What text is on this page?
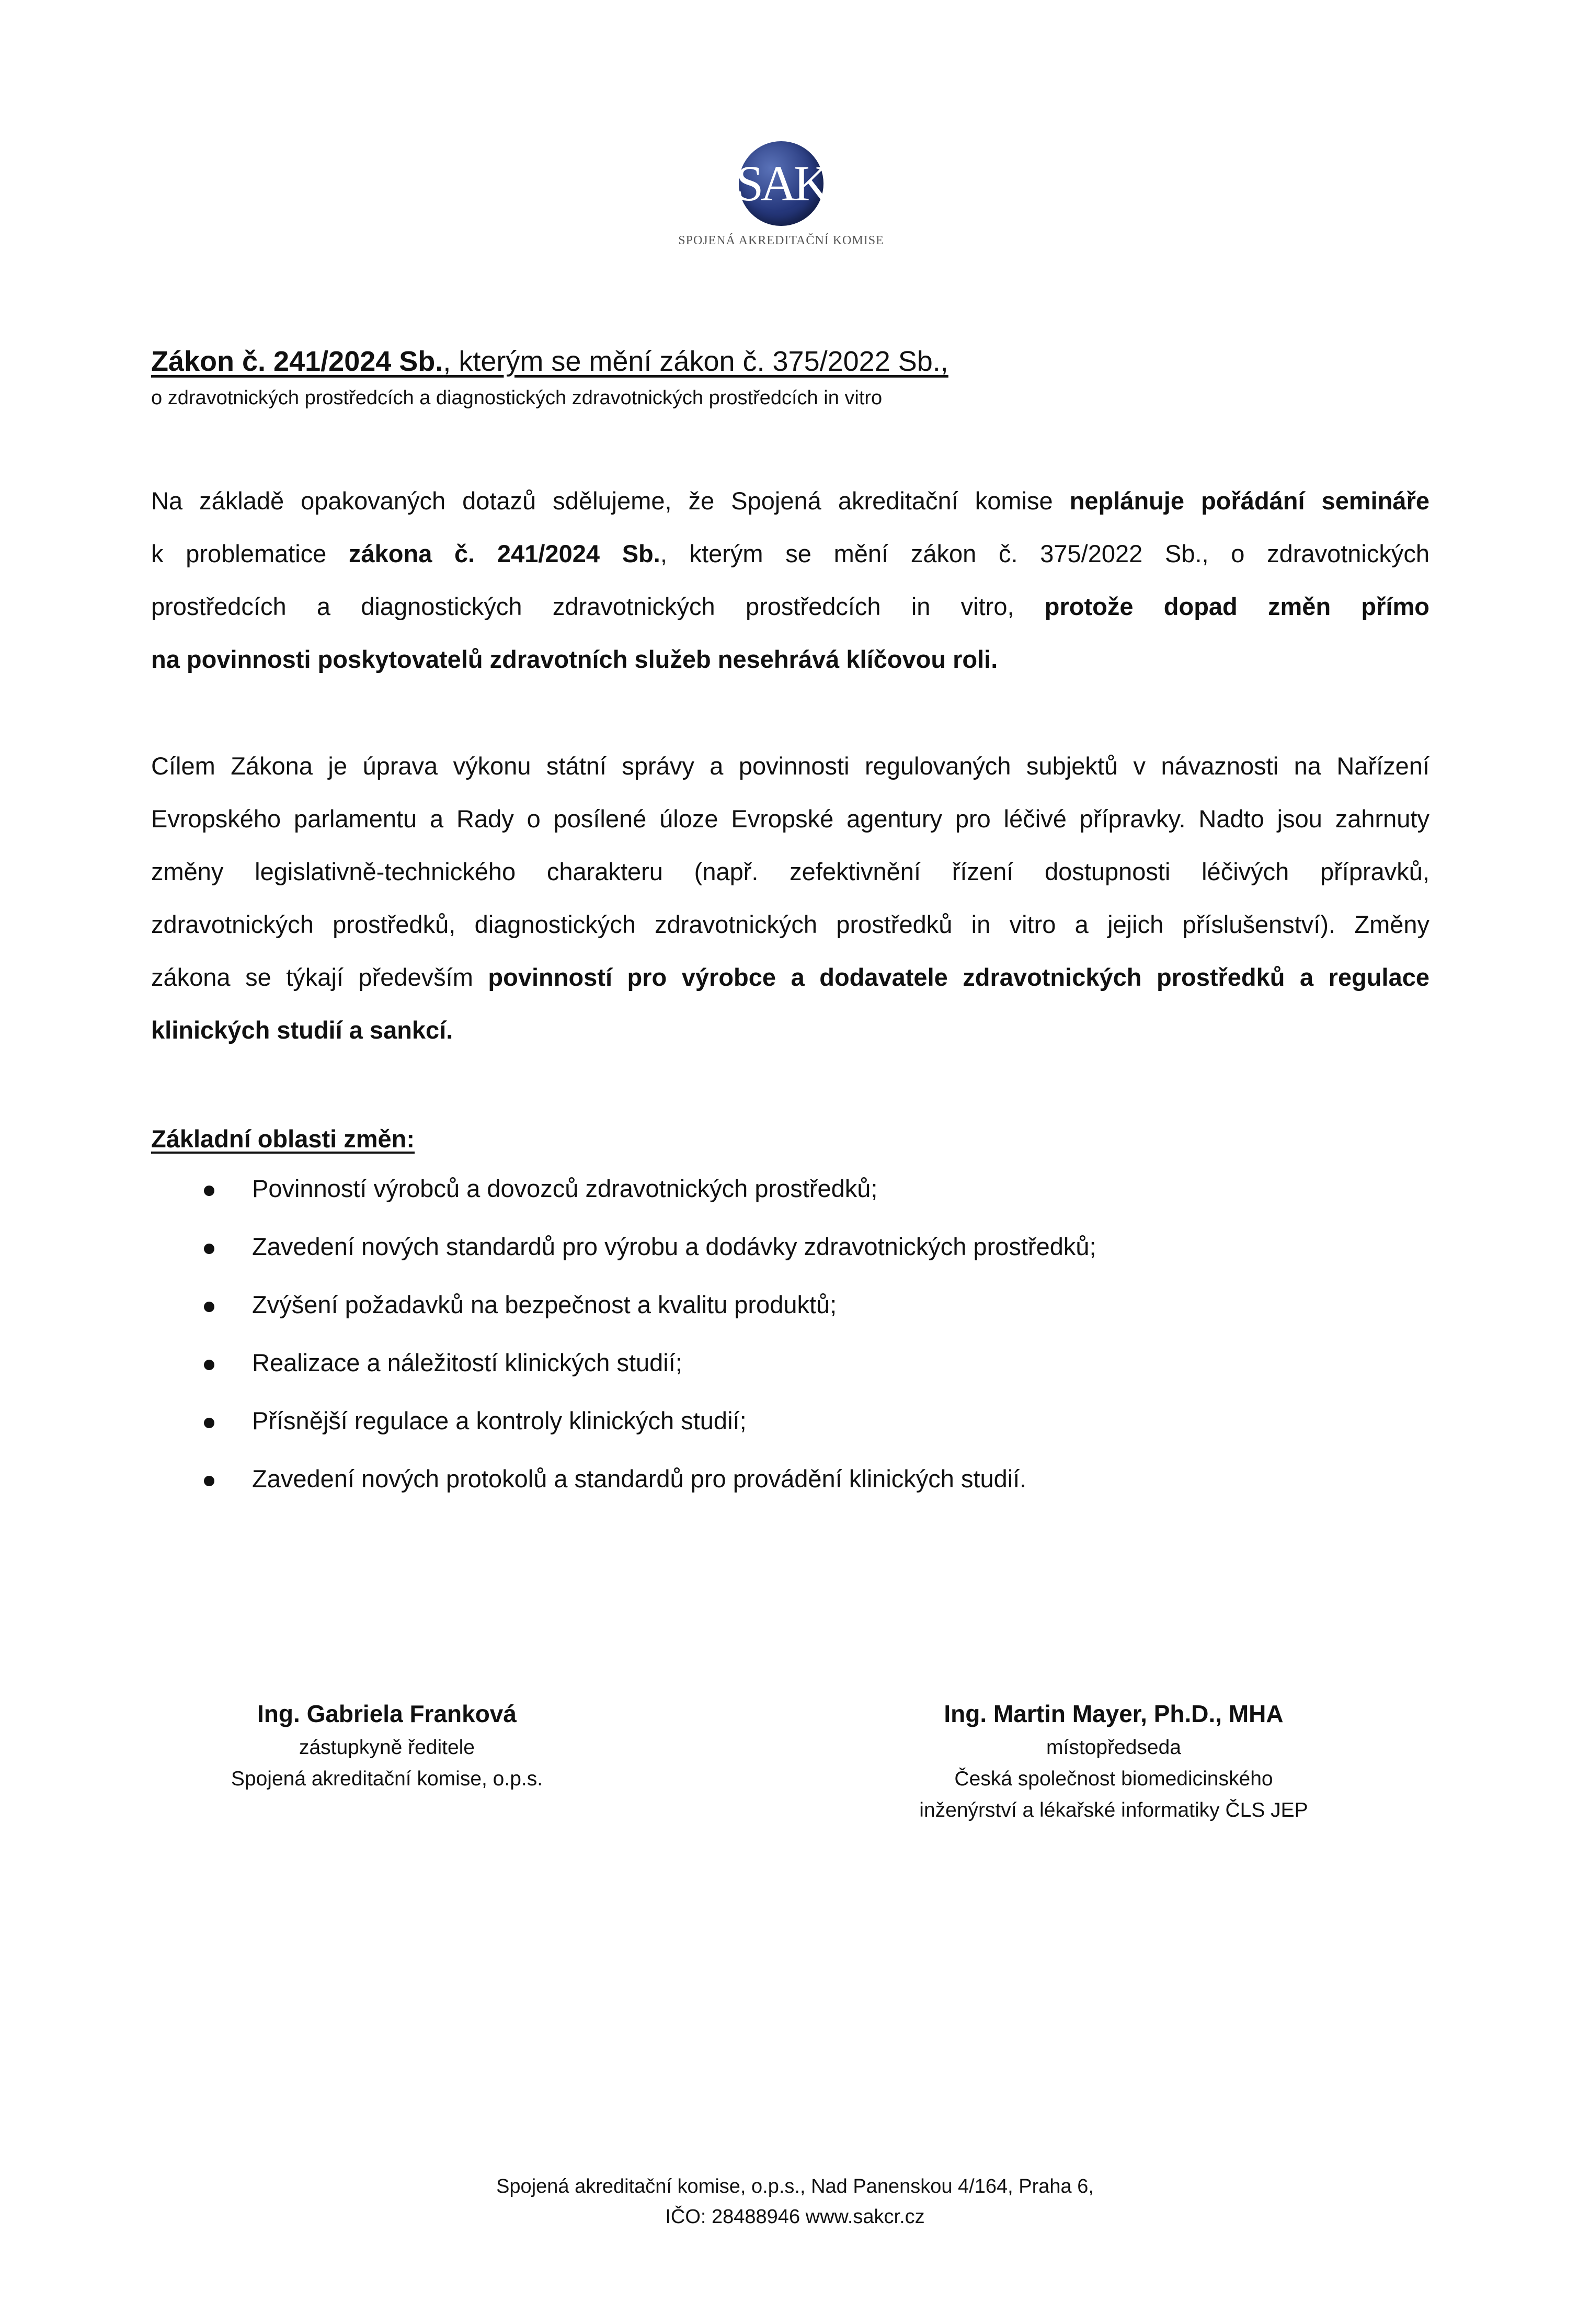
SAK
SPOJENÁ AKREDITAČNÍ KOMISE
Zákon č. 241/2024 Sb., kterým se mění zákon č. 375/2022 Sb.,
o zdravotnických prostředcích a diagnostických zdravotnických prostředcích in vitro
Na základě opakovaných dotazů sdělujeme, že Spojená akreditační komise neplánuje pořádání semináře
k problematice zákona č. 241/2024 Sb., kterým se mění zákon č. 375/2022 Sb., o zdravotnických
prostředcích a diagnostických zdravotnických prostředcích in vitro, protože dopad změn přímo
na povinnosti poskytovatelů zdravotních služeb nesehrává klíčovou roli.
Cílem Zákona je úprava výkonu státní správy a povinnosti regulovaných subjektů v návaznosti na Nařízení
Evropského parlamentu a Rady o posílené úloze Evropské agentury pro léčivé přípravky. Nadto jsou zahrnuty
změny legislativně-technického charakteru (např. zefektivnění řízení dostupnosti léčivých přípravků,
zdravotnických prostředků, diagnostických zdravotnických prostředků in vitro a jejich příslušenství). Změny
zákona se týkají především povinností pro výrobce a dodavatele zdravotnických prostředků a regulace
klinických studií a sankcí.
Základní oblasti změn:
Povinností výrobců a dovozců zdravotnických prostředků;
Zavedení nových standardů pro výrobu a dodávky zdravotnických prostředků;
Zvýšení požadavků na bezpečnost a kvalitu produktů;
Realizace a náležitostí klinických studií;
Přísnější regulace a kontroly klinických studií;
Zavedení nových protokolů a standardů pro provádění klinických studií.
Ing. Gabriela Franková
zástupkyně ředitele
Spojená akreditační komise, o.p.s.
Ing. Martin Mayer, Ph.D., MHA
místopředseda
Česká společnost biomedicinského
inženýrství a lékařské informatiky ČLS JEP
Spojená akreditační komise, o.p.s., Nad Panenskou 4/164, Praha 6,
IČO: 28488946 www.sakcr.cz
